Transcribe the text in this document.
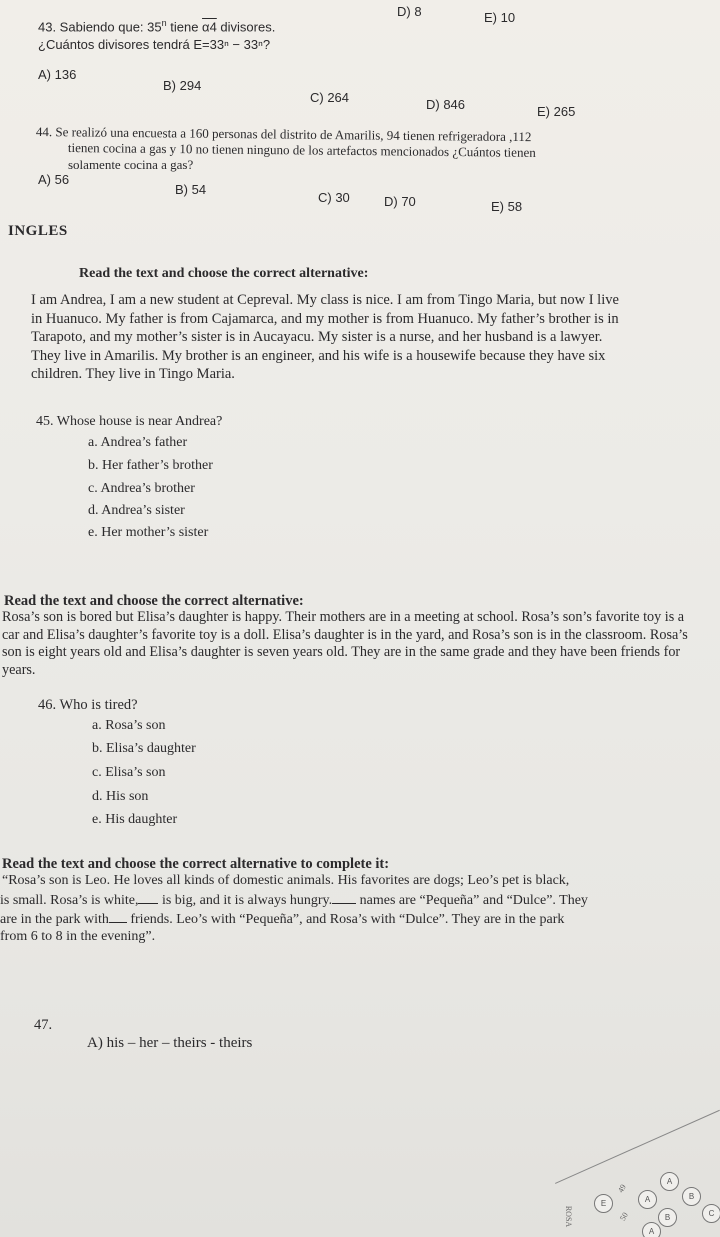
D) 8	E) 10
43. Sabiendo que: 35$^n$ tiene α4 divisores.
¿Cuántos divisores tendrá E=33ⁿ − 33ⁿ?
A) 136
B) 294
C) 264	D) 846	E) 265
44. Se realizó una encuesta a 160 personas del distrito de Amarilis, 94 tienen refrigeradora ,112
tienen cocina a gas y 10 no tienen ninguno de los artefactos mencionados ¿Cuántos tienen
solamente cocina a gas?
A) 56
B) 54
C) 30	D) 70	E) 58
INGLES
Read the text and choose the correct alternative:
I am Andrea, I am a new student at Cepreval. My class is nice. I am from Tingo Maria, but now I live in Huanuco. My father is from Cajamarca, and my mother is from Huanuco. My father’s brother is in Tarapoto, and my mother’s sister is in Aucayacu. My sister is a nurse, and her husband is a lawyer. They live in Amarilis. My brother is an engineer, and his wife is a housewife because they have six children. They live in Tingo Maria.
45. Whose house is near Andrea?
a. Andrea’s father
b. Her father’s brother
c. Andrea’s brother
d. Andrea’s sister
e. Her mother’s sister
Read the text and choose the correct alternative:
Rosa’s son is bored but Elisa’s daughter is happy. Their mothers are in a meeting at school. Rosa’s son’s favorite toy is a car and Elisa’s daughter’s favorite toy is a doll. Elisa’s daughter is in the yard, and Rosa’s son is in the classroom. Rosa’s son is eight years old and Elisa’s daughter is seven years old. They are in the same grade and they have been friends for years.
46. Who is tired?
a. Rosa’s son
b. Elisa’s daughter
c. Elisa’s son
d. His son
e. His daughter
Read the text and choose the correct alternative to complete it:
“Rosa’s son is Leo. He loves all kinds of domestic animals. His favorites are dogs; Leo’s pet is black,
is small. Rosa’s is white, is big, and it is always hungry. names are “Pequeña” and “Dulce”. They
are in the park with friends. Leo’s with “Pequeña”, and Rosa’s with “Dulce”. They are in the park
from 6 to 8 in the evening”.
47.
A) his – her – theirs - theirs
A
B
C
E	A
B
A
49
50
ROSA
